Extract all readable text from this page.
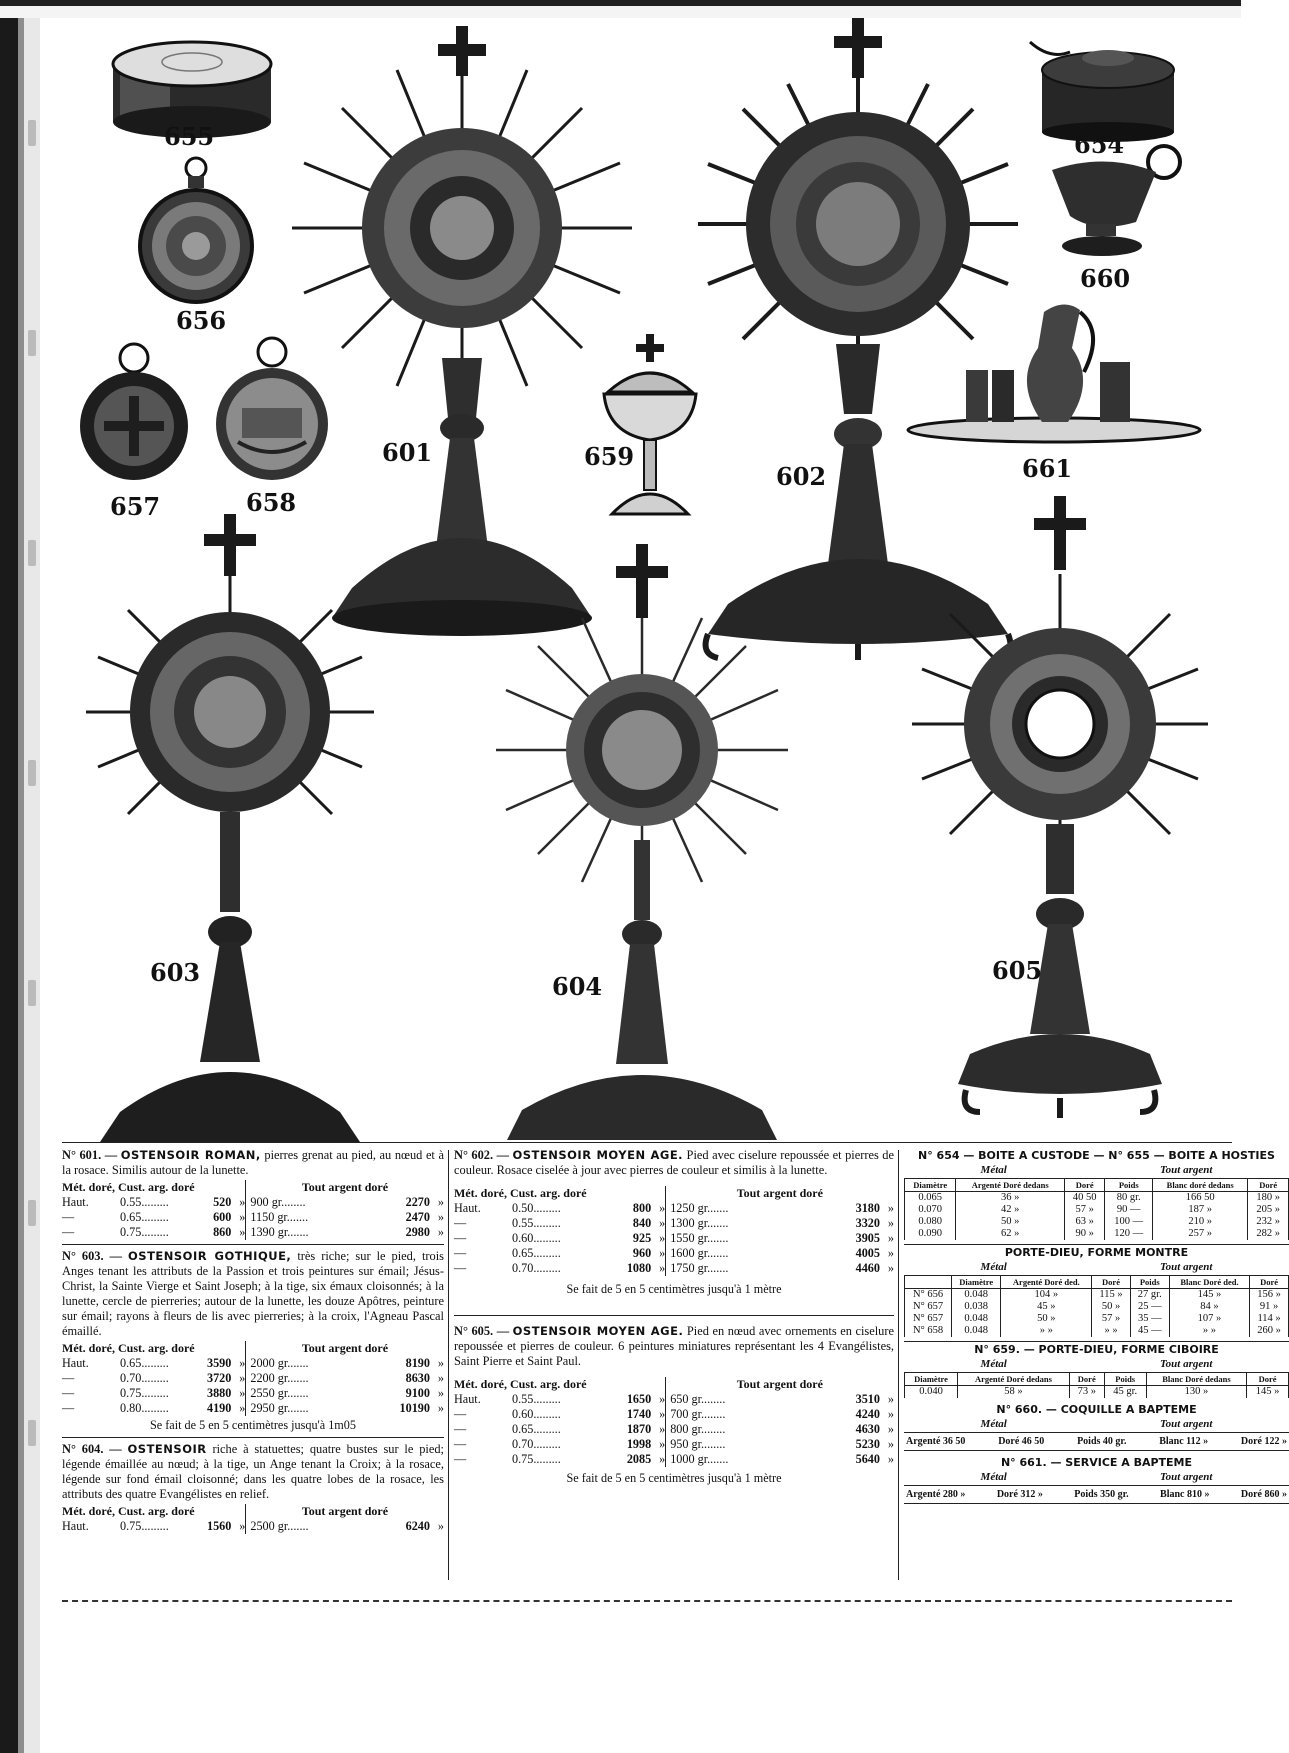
655	654
656
657	658
601
602
659
660
661
603	604
605
N° 601. — OSTENSOIR ROMAN, pierres grenat au pied, au nœud et à la rosace. Similis autour de la lunette.
Mét. doré, Cust. arg. doré	Tout argent doré
Haut.	0.55.........	520 » 900 gr........	2270 »
—	0.65.........	600 » 1150 gr.......	2470 »
—	0.75.........	860 » 1390 gr.......	2980 »
N° 603. — OSTENSOIR GOTHIQUE, très riche; sur le pied, trois Anges tenant les attributs de la Passion et trois peintures sur émail; Jésus-Christ, la Sainte Vierge et Saint Joseph; à la tige, six émaux cloisonnés; à la lunette, cercle de pierreries; autour de la lunette, les douze Apôtres, peinture sur émail; rayons à fleurs de lis avec pierreries; à la croix, l'Agneau Pascal émaillé.
Mét. doré, Cust. arg. doré	Tout argent doré
Haut.	0.65.........	3590 » 2000 gr.......	8190 »
—	0.70.........	3720 » 2200 gr.......	8630 »
—	0.75.........	3880 » 2550 gr.......	9100 »
—	0.80.........	4190 » 2950 gr.......	10190 »
Se fait de 5 en 5 centimètres jusqu'à 1m05
N° 604. — OSTENSOIR riche à statuettes; quatre bustes sur le pied; légende émaillée au nœud; à la tige, un Ange tenant la Croix; à la rosace, légende sur fond émail cloisonné; dans les quatre lobes de la rosace, les attributs des quatre Evangélistes en relief.
Mét. doré, Cust. arg. doré	Tout argent doré
Haut.	0.75.........	1560 » 2500 gr.......	6240 »
N° 602. — OSTENSOIR MOYEN AGE. Pied avec ciselure repoussée et pierres de couleur. Rosace ciselée à jour avec pierres de couleur et similis à la lunette.
Mét. doré, Cust. arg. doré	Tout argent doré
Haut.	0.50.........	800 » 1250 gr.......	3180 »
—	0.55.........	840 » 1300 gr.......	3320 »
—	0.60.........	925 » 1550 gr.......	3905 »
—	0.65.........	960 » 1600 gr.......	4005 »
—	0.70.........	1080 » 1750 gr.......	4460 »
Se fait de 5 en 5 centimètres jusqu'à 1 mètre
N° 605. — OSTENSOIR MOYEN AGE. Pied en nœud avec ornements en ciselure repoussée et pierres de couleur. 6 peintures miniatures représentant les 4 Evangélistes, Saint Pierre et Saint Paul.
Mét. doré, Cust. arg. doré	Tout argent doré
Haut.	0.55.........	1650 » 650 gr........	3510 »
—	0.60.........	1740 » 700 gr........	4240 »
—	0.65.........	1870 » 800 gr........	4630 »
—	0.70.........	1998 » 950 gr........	5230 »
—	0.75.........	2085 » 1000 gr.......	5640 »
Se fait de 5 en 5 centimètres jusqu'à 1 mètre
N° 654 — BOITE A CUSTODE — N° 655 — BOITE A HOSTIES
Métal	Tout argent
Diamètre	Argenté Doré dedans	Doré	Poids	Blanc doré dedans	Doré
0.065	36 »	40 50	80 gr.	166 50	180 »
0.070	42 »	57 »	90 —	187 »	205 »
0.080	50 »	63 »	100 —	210 »	232 »
0.090	62 »	90 »	120 —	257 »	282 »
PORTE-DIEU, FORME MONTRE
Métal	Tout argent
	Diamètre	Argenté Doré ded.	Doré	Poids	Blanc Doré ded.	Doré
N° 656	0.048	104 »	115 »	27 gr.	145 »	156 »
N° 657	0.038	45 »	50 »	25 —	84 »	91 »
N° 657	0.048	50 »	57 »	35 —	107 »	114 »
N° 658	0.048	» »	» »	45 —	» »	260 »
N° 659. — PORTE-DIEU, FORME CIBOIRE
Métal	Tout argent
Diamètre	Argenté Doré dedans	Doré	Poids	Blanc Doré dedans	Doré
0.040	58 »	73 »	45 gr.	130 »	145 »
N° 660. — COQUILLE A BAPTEME
Métal	Tout argent
Argenté 36 50	Doré 46 50	Poids 40 gr.	Blanc 112 »	Doré 122 »
N° 661. — SERVICE A BAPTEME
Métal	Tout argent
Argenté 280 »	Doré 312 »	Poids 350 gr.	Blanc 810 »	Doré 860 »
